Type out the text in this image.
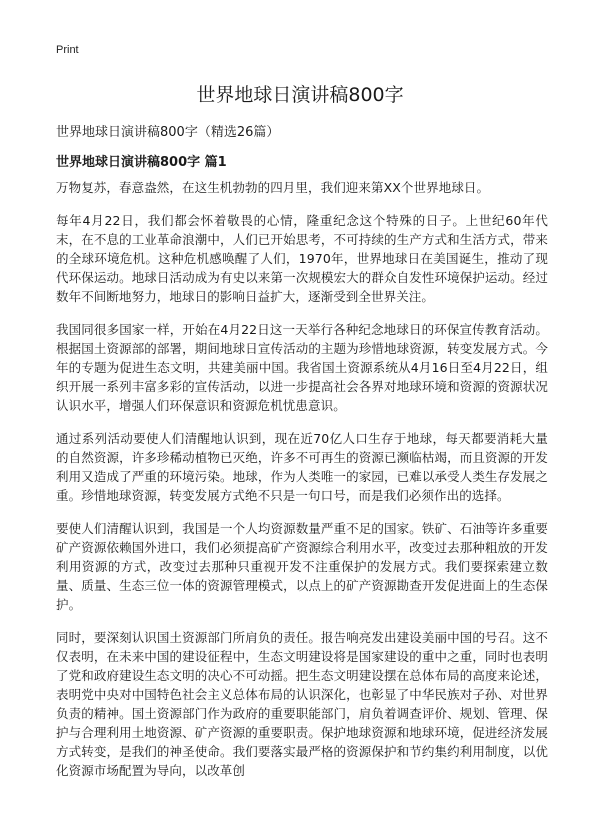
Print
世界地球日演讲稿800字

世界地球日演讲稿800字（精选26篇）

世界地球日演讲稿800字 篇1

万物复苏，春意盎然，在这生机勃勃的四月里，我们迎来第XX个世界地球日。

每年4月22日，我们都会怀着敬畏的心情，隆重纪念这个特殊的日子。上世纪60年代末，在不息的工业革命浪潮中，人们已开始思考，不可持续的生产方式和生活方式，带来的全球环境危机。这种危机感唤醒了人们，1970年，世界地球日在美国诞生，推动了现代环保运动。地球日活动成为有史以来第一次规模宏大的群众自发性环境保护运动。经过数年不间断地努力，地球日的影响日益扩大，逐渐受到全世界关注。

我国同很多国家一样，开始在4月22日这一天举行各种纪念地球日的环保宣传教育活动。根据国土资源部的部署，期间地球日宣传活动的主题为珍惜地球资源，转变发展方式。今年的专题为促进生态文明，共建美丽中国。我省国土资源系统从4月16日至4月22日，组织开展一系列丰富多彩的宣传活动，以进一步提高社会各界对地球环境和资源的资源状况认识水平，增强人们环保意识和资源危机忧患意识。

通过系列活动要使人们清醒地认识到，现在近70亿人口生存于地球，每天都要消耗大量的自然资源，许多珍稀动植物已灭绝，许多不可再生的资源已濒临枯竭，而且资源的开发利用又造成了严重的环境污染。地球，作为人类唯一的家园，已难以承受人类生存发展之重。珍惜地球资源，转变发展方式绝不只是一句口号，而是我们必须作出的选择。

要使人们清醒认识到，我国是一个人均资源数量严重不足的国家。铁矿、石油等许多重要矿产资源依赖国外进口，我们必须提高矿产资源综合利用水平，改变过去那种粗放的开发利用资源的方式，改变过去那种只重视开发不注重保护的发展方式。我们要探索建立数量、质量、生态三位一体的资源管理模式，以点上的矿产资源勘查开发促进面上的生态保护。

同时，要深刻认识国土资源部门所肩负的责任。报告响亮发出建设美丽中国的号召。这不仅表明，在未来中国的建设征程中，生态文明建设将是国家建设的重中之重，同时也表明了党和政府建设生态文明的决心不可动摇。把生态文明建设摆在总体布局的高度来论述，表明党中央对中国特色社会主义总体布局的认识深化，也彰显了中华民族对子孙、对世界负责的精神。国土资源部门作为政府的重要职能部门，肩负着调查评价、规划、管理、保护与合理利用土地资源、矿产资源的重要职责。保护地球资源和地球环境，促进经济发展方式转变，是我们的神圣使命。我们要落实最严格的资源保护和节约集约利用制度，以优化资源市场配置为导向，以改革创
